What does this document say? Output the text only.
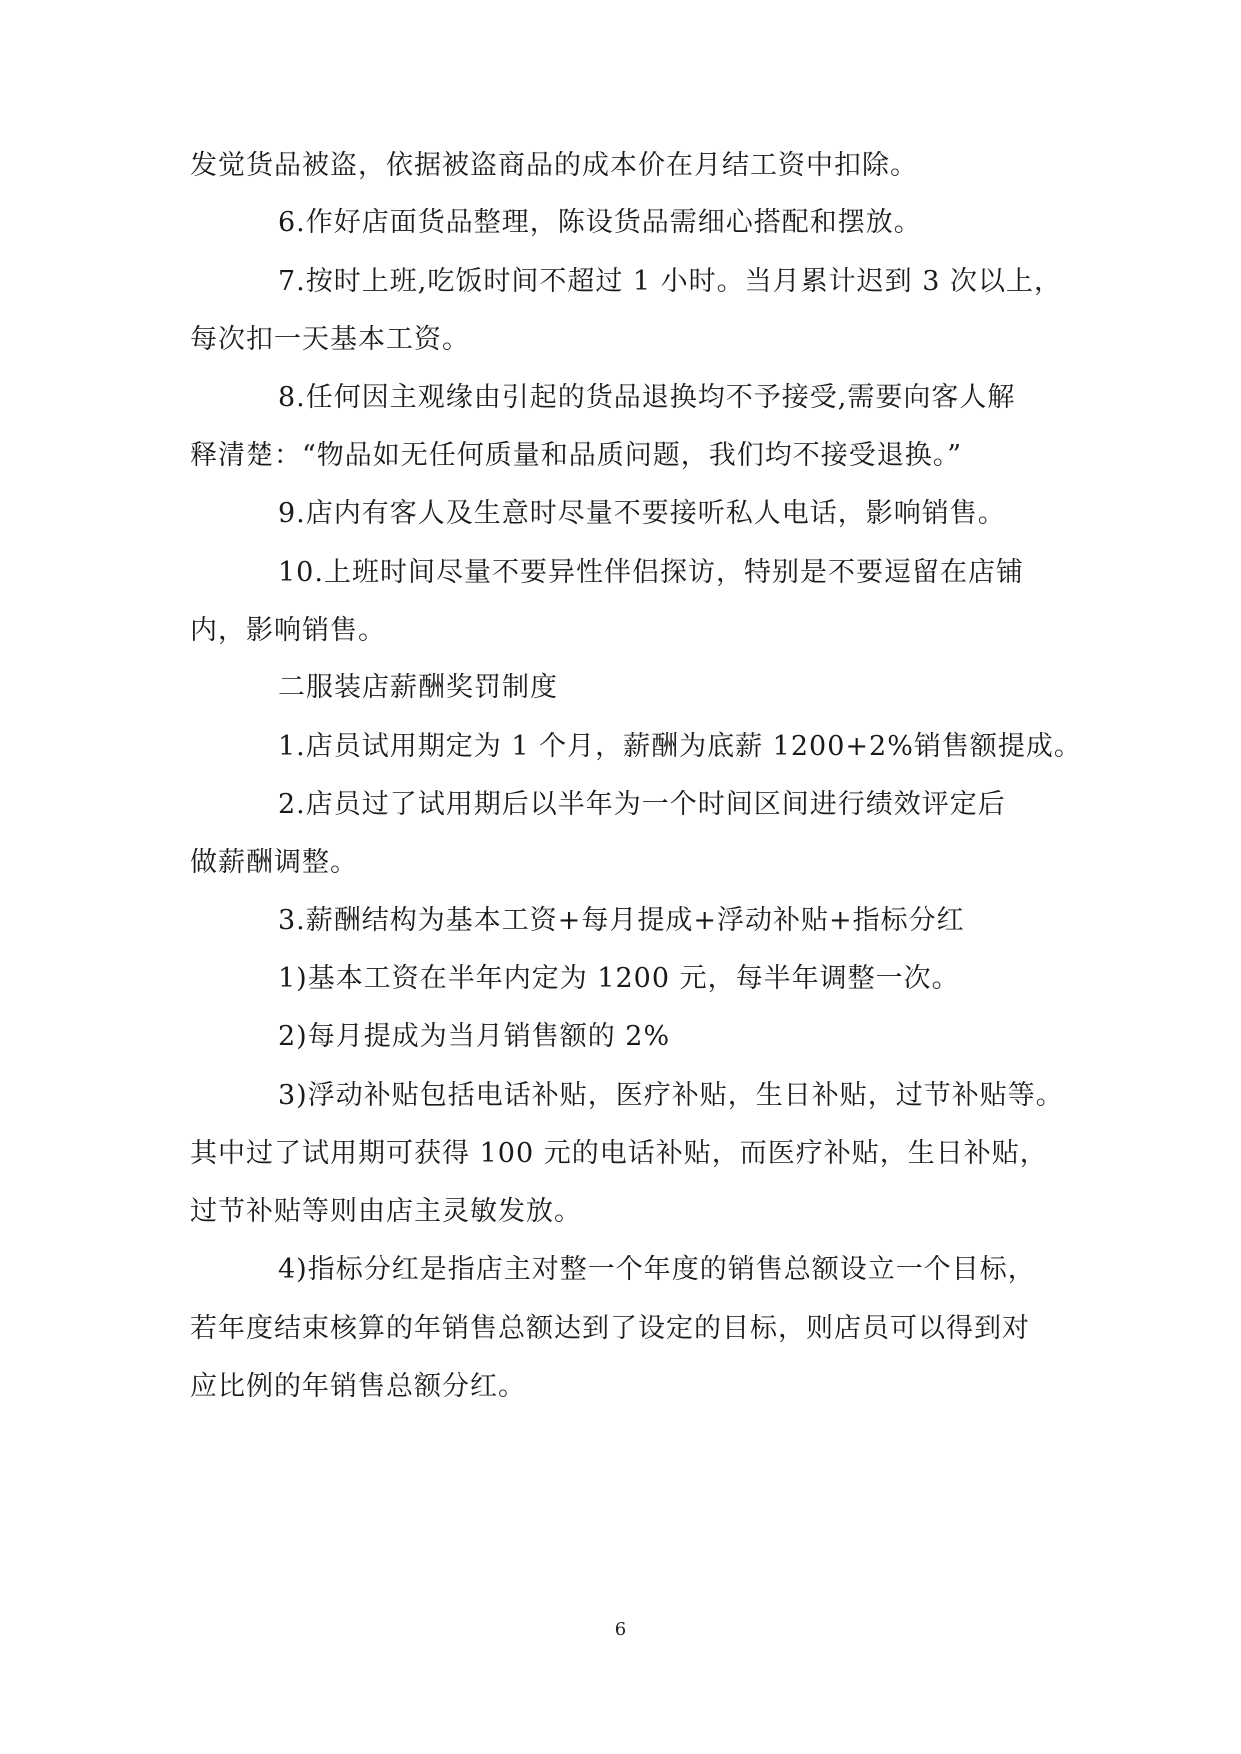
发觉货品被盗，依据被盗商品的成本价在月结工资中扣除。
6.作好店面货品整理，陈设货品需细心搭配和摆放。
7.按时上班,吃饭时间不超过 1 小时。当月累计迟到 3 次以上，
每次扣一天基本工资。
8.任何因主观缘由引起的货品退换均不予接受,需要向客人解
释清楚：“物品如无任何质量和品质问题，我们均不接受退换。”
9.店内有客人及生意时尽量不要接听私人电话，影响销售。
10.上班时间尽量不要异性伴侣探访，特别是不要逗留在店铺
内，影响销售。
二服装店薪酬奖罚制度
1.店员试用期定为 1 个月，薪酬为底薪 1200+2%销售额提成。
2.店员过了试用期后以半年为一个时间区间进行绩效评定后
做薪酬调整。
3.薪酬结构为基本工资+每月提成+浮动补贴+指标分红
1)基本工资在半年内定为 1200 元，每半年调整一次。
2)每月提成为当月销售额的 2%
3)浮动补贴包括电话补贴，医疗补贴，生日补贴，过节补贴等。
其中过了试用期可获得 100 元的电话补贴，而医疗补贴，生日补贴，
过节补贴等则由店主灵敏发放。
4)指标分红是指店主对整一个年度的销售总额设立一个目标，
若年度结束核算的年销售总额达到了设定的目标，则店员可以得到对
应比例的年销售总额分红。
6
